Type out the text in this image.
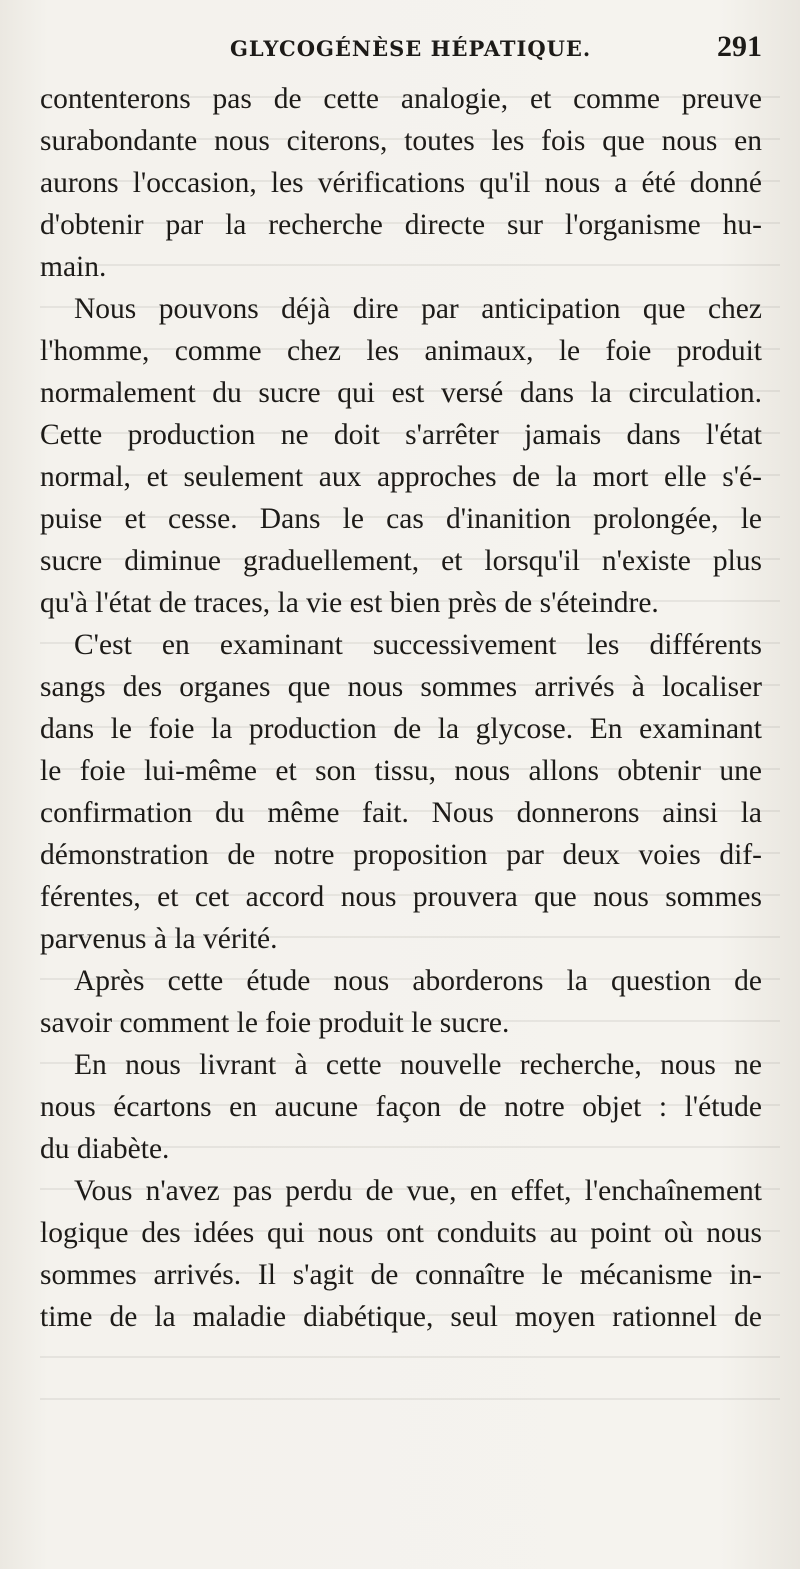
GLYCOGÉNÈSE HÉPATIQUE.	291
contenterons pas de cette analogie, et comme preuve
surabondante nous citerons, toutes les fois que nous en
aurons l'occasion, les vérifications qu'il nous a été donné
d'obtenir par la recherche directe sur l'organisme hu-
main.
Nous pouvons déjà dire par anticipation que chez
l'homme, comme chez les animaux, le foie produit
normalement du sucre qui est versé dans la circulation.
Cette production ne doit s'arrêter jamais dans l'état
normal, et seulement aux approches de la mort elle s'é-
puise et cesse. Dans le cas d'inanition prolongée, le
sucre diminue graduellement, et lorsqu'il n'existe plus
qu'à l'état de traces, la vie est bien près de s'éteindre.
C'est en examinant successivement les différents
sangs des organes que nous sommes arrivés à localiser
dans le foie la production de la glycose. En examinant
le foie lui-même et son tissu, nous allons obtenir une
confirmation du même fait. Nous donnerons ainsi la
démonstration de notre proposition par deux voies dif-
férentes, et cet accord nous prouvera que nous sommes
parvenus à la vérité.
Après cette étude nous aborderons la question de
savoir comment le foie produit le sucre.
En nous livrant à cette nouvelle recherche, nous ne
nous écartons en aucune façon de notre objet : l'étude
du diabète.
Vous n'avez pas perdu de vue, en effet, l'enchaînement
logique des idées qui nous ont conduits au point où nous
sommes arrivés. Il s'agit de connaître le mécanisme in-
time de la maladie diabétique, seul moyen rationnel de
